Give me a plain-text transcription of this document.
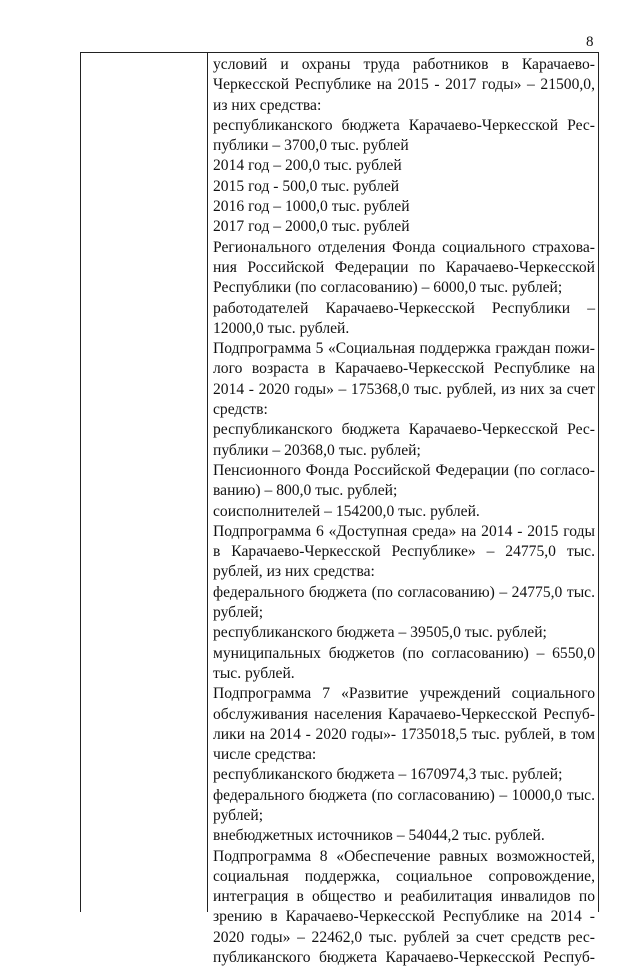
8
условий и охраны труда работников в Карачаево-
Черкесской Республике на 2015 - 2017 годы» – 21500,0,
из них средства:
республиканского бюджета Карачаево-Черкесской Рес-
публики – 3700,0 тыс. рублей
2014 год – 200,0 тыс. рублей
2015 год - 500,0 тыс. рублей
2016 год – 1000,0 тыс. рублей
2017 год – 2000,0 тыс. рублей
Регионального отделения Фонда социального страхова-
ния Российской Федерации по Карачаево-Черкесской
Республики (по согласованию) – 6000,0 тыс. рублей;
работодателей Карачаево-Черкесской Республики –
12000,0 тыс. рублей.
Подпрограмма 5 «Социальная поддержка граждан пожи-
лого возраста в Карачаево-Черкесской Республике на
2014 - 2020 годы» – 175368,0 тыс. рублей, из них за счет
средств:
республиканского бюджета Карачаево-Черкесской Рес-
публики – 20368,0 тыс. рублей;
Пенсионного Фонда Российской Федерации (по согласо-
ванию) – 800,0 тыс. рублей;
соисполнителей – 154200,0 тыс. рублей.
Подпрограмма 6 «Доступная среда» на 2014 - 2015 годы
в Карачаево-Черкесской Республике» – 24775,0 тыс.
рублей, из них средства:
федерального бюджета (по согласованию) – 24775,0 тыс.
рублей;
республиканского бюджета – 39505,0 тыс. рублей;
муниципальных бюджетов (по согласованию) – 6550,0
тыс. рублей.
Подпрограмма 7 «Развитие учреждений социального
обслуживания населения Карачаево-Черкесской Респуб-
лики на 2014 - 2020 годы»- 1735018,5 тыс. рублей, в том
числе средства:
республиканского бюджета – 1670974,3 тыс. рублей;
федерального бюджета (по согласованию) – 10000,0 тыс.
рублей;
внебюджетных источников – 54044,2 тыс. рублей.
Подпрограмма 8 «Обеспечение равных возможностей,
социальная поддержка, социальное сопровождение,
интеграция в общество и реабилитация инвалидов по
зрению в Карачаево-Черкесской Республике на 2014 -
2020 годы» – 22462,0 тыс. рублей за счет средств рес-
публиканского бюджета Карачаево-Черкесской Респуб-
